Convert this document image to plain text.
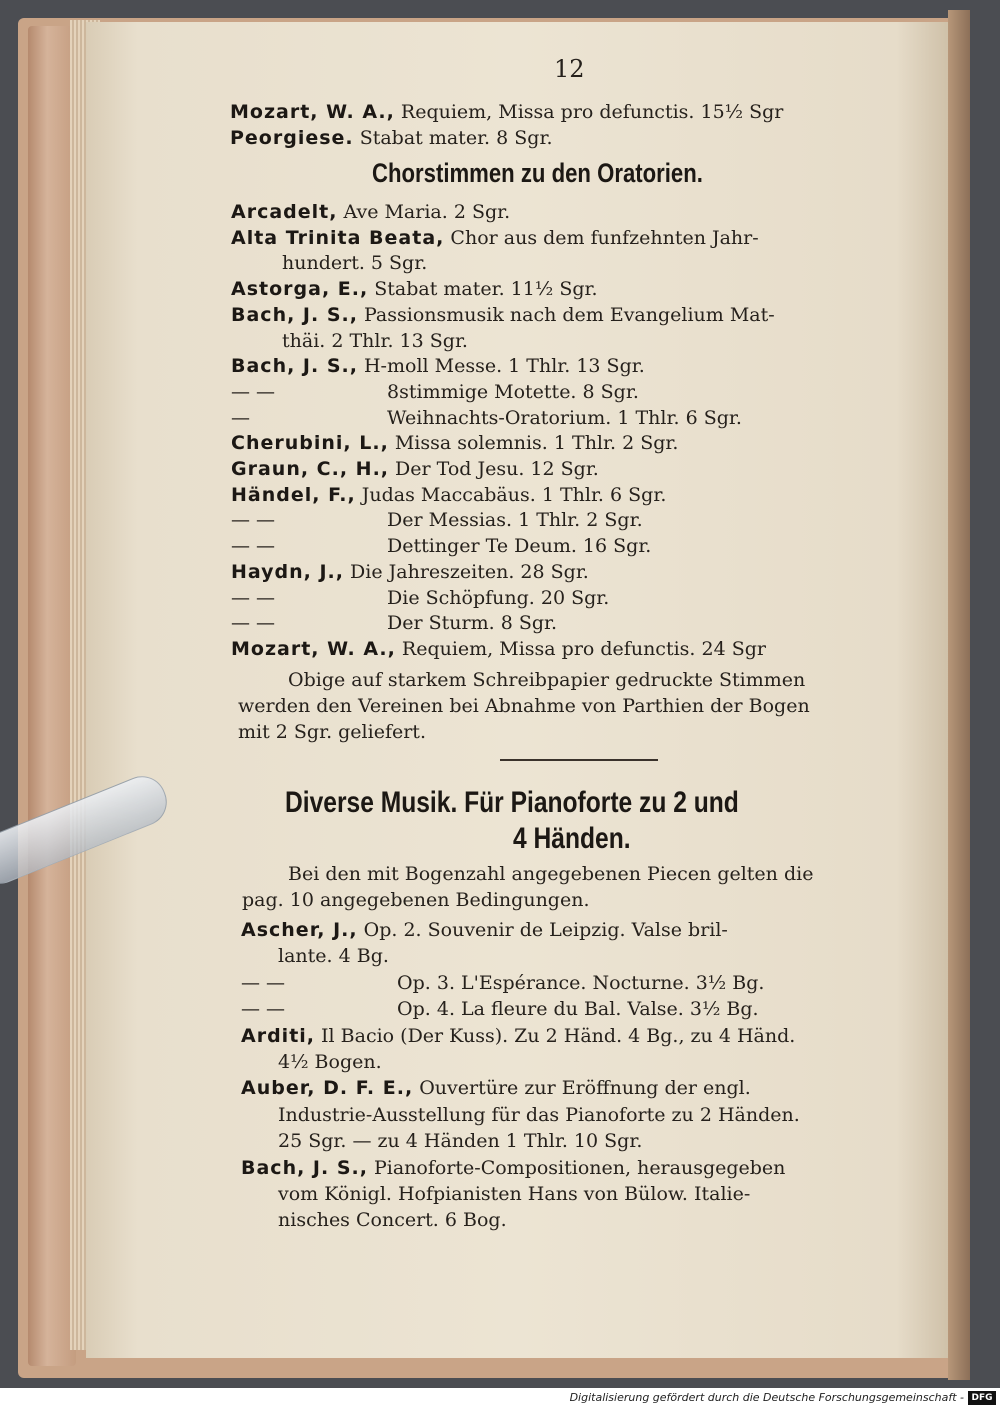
12
Mozart, W. A., Requiem, Missa pro defunctis. 15½ Sgr
Peorgiese. Stabat mater. 8 Sgr.
Chorstimmen zu den Oratorien.
Arcadelt, Ave Maria. 2 Sgr.
Alta Trinita Beata, Chor aus dem funfzehnten Jahr-
hundert. 5 Sgr.
Astorga, E., Stabat mater. 11½ Sgr.
Bach, J. S., Passionsmusik nach dem Evangelium Mat-
thäi. 2 Thlr. 13 Sgr.
Bach, J. S., H-moll Messe. 1 Thlr. 13 Sgr.
— —	8stimmige Motette. 8 Sgr.
—	Weihnachts-Oratorium. 1 Thlr. 6 Sgr.
Cherubini, L., Missa solemnis. 1 Thlr. 2 Sgr.
Graun, C., H., Der Tod Jesu. 12 Sgr.
Händel, F., Judas Maccabäus. 1 Thlr. 6 Sgr.
— —	Der Messias. 1 Thlr. 2 Sgr.
— —	Dettinger Te Deum. 16 Sgr.
Haydn, J., Die Jahreszeiten. 28 Sgr.
— —	Die Schöpfung. 20 Sgr.
— —	Der Sturm. 8 Sgr.
Mozart, W. A., Requiem, Missa pro defunctis. 24 Sgr
Obige auf starkem Schreibpapier gedruckte Stimmen
werden den Vereinen bei Abnahme von Parthien der Bogen
mit 2 Sgr. geliefert.
Diverse Musik. Für Pianoforte zu 2 und
4 Händen.
Bei den mit Bogenzahl angegebenen Piecen gelten die
pag. 10 angegebenen Bedingungen.
Ascher, J., Op. 2. Souvenir de Leipzig. Valse bril-
lante. 4 Bg.
— —	Op. 3. L'Espérance. Nocturne. 3½ Bg.
— —	Op. 4. La fleure du Bal. Valse. 3½ Bg.
Arditi, Il Bacio (Der Kuss). Zu 2 Händ. 4 Bg., zu 4 Händ.
4½ Bogen.
Auber, D. F. E., Ouvertüre zur Eröffnung der engl.
Industrie-Ausstellung für das Pianoforte zu 2 Händen.
25 Sgr. — zu 4 Händen 1 Thlr. 10 Sgr.
Bach, J. S., Pianoforte-Compositionen, herausgegeben
vom Königl. Hofpianisten Hans von Bülow. Italie-
nisches Concert. 6 Bog.
Digitalisierung gefördert durch die Deutsche Forschungsgemeinschaft - DFG
